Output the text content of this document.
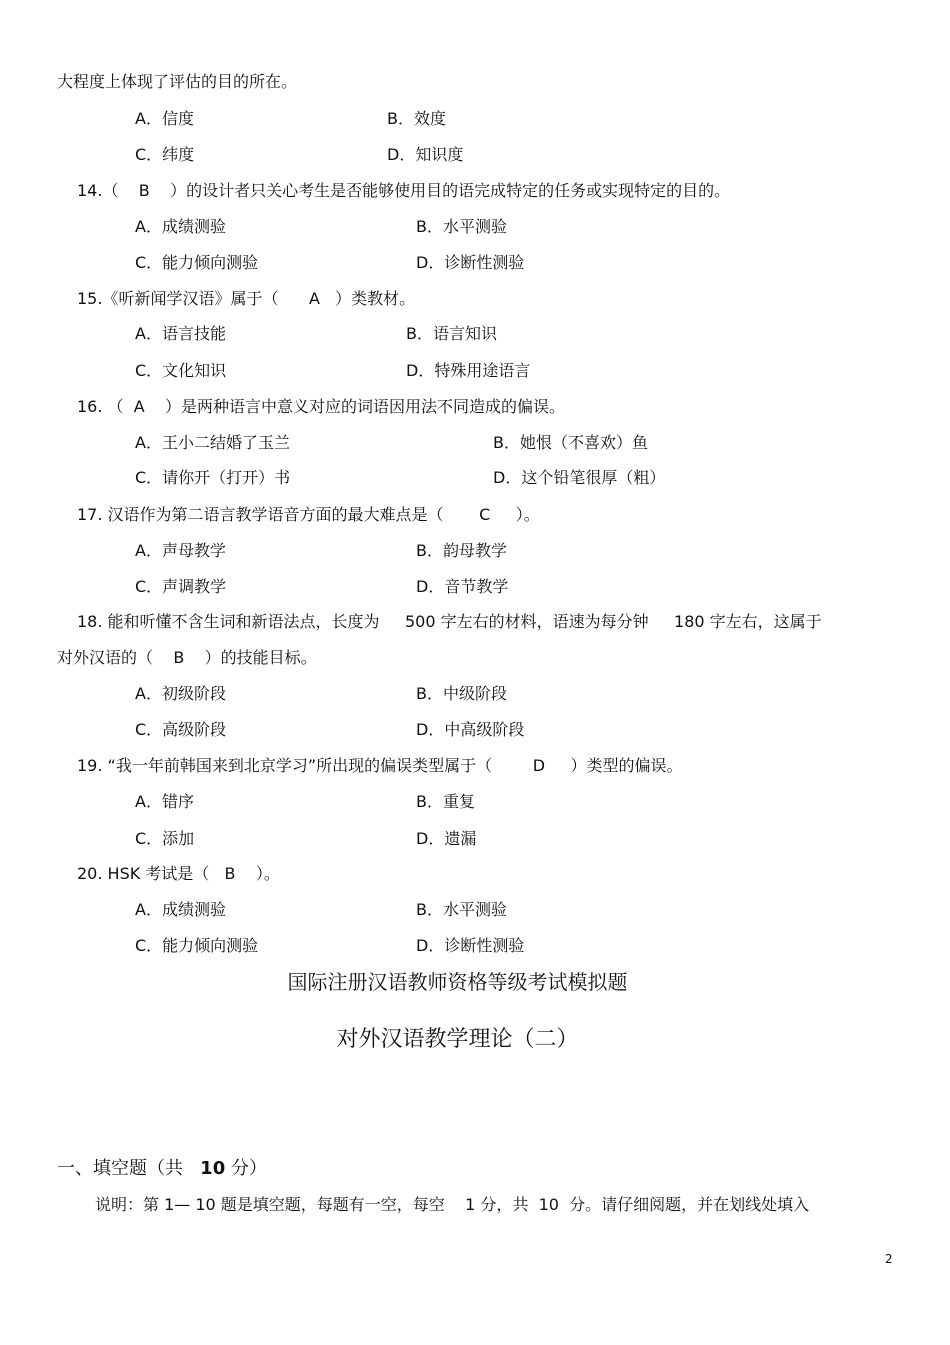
大程度上体现了评估的目的所在。
A．信度	B．效度
C．纬度	D．知识度
14.（    B    ）的设计者只关心考生是否能够使用目的语完成特定的任务或实现特定的目的。
A．成绩测验	B．水平测验
C．能力倾向测验	D．诊断性测验
15.《听新闻学汉语》属于（      A   ）类教材。
A．语言技能	B．语言知识
C．文化知识	D．特殊用途语言
16. （  A    ）是两种语言中意义对应的词语因用法不同造成的偏误。
A．王小二结婚了玉兰	B．她恨（不喜欢）鱼
C．请你开（打开）书	D．这个铅笔很厚（粗）
17. 汉语作为第二语言教学语音方面的最大难点是（       C     ）。
A．声母教学	B．韵母教学
C．声调教学	D．音节教学
18. 能和听懂不含生词和新语法点，长度为     500 字左右的材料，语速为每分钟     180 字左右，这属于
对外汉语的（    B    ）的技能目标。
A．初级阶段	B．中级阶段
C．高级阶段	D．中高级阶段
19. “我一年前韩国来到北京学习”所出现的偏误类型属于（        D     ）类型的偏误。
A．错序	B．重复
C．添加	D．遗漏
20. HSK 考试是（   B    ）。
A．成绩测验	B．水平测验
C．能力倾向测验	D．诊断性测验
国际注册汉语教师资格等级考试模拟题
对外汉语教学理论（二）
一、填空题（共   10 分）
说明：第 1— 10 题是填空题，每题有一空，每空    1 分，共  10  分。请仔细阅题，并在划线处填入
2
